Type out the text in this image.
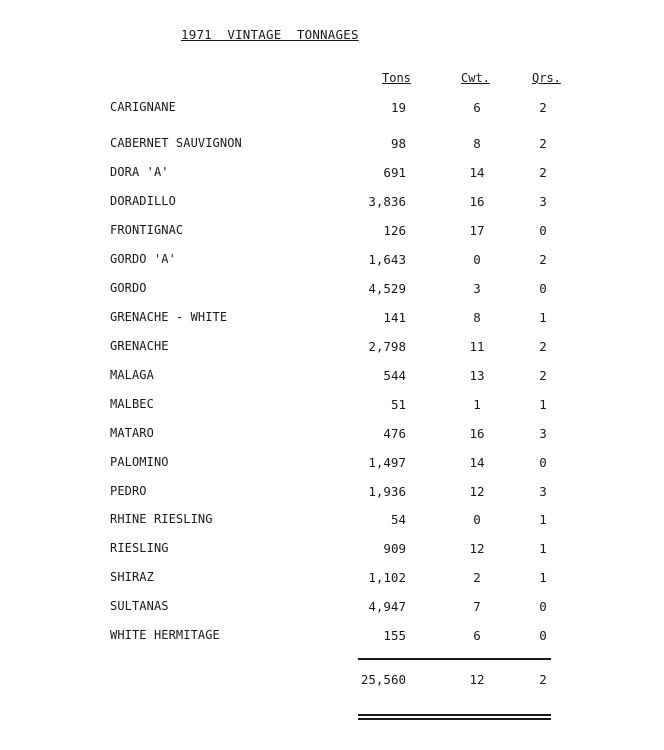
1971  VINTAGE  TONNAGES
Tons	Cwt.	Qrs.
CARIGNANE	19	6	2
CABERNET SAUVIGNON	98	8	2
DORA 'A'	691	14	2
DORADILLO	3,836	16	3
FRONTIGNAC	126	17	0
GORDO 'A'	1,643	0	2
GORDO	4,529	3	0
GRENACHE - WHITE	141	8	1
GRENACHE	2,798	11	2
MALAGA	544	13	2
MALBEC	51	1	1
MATARO	476	16	3
PALOMINO	1,497	14	0
PEDRO	1,936	12	3
RHINE RIESLING	54	0	1
RIESLING	909	12	1
SHIRAZ	1,102	2	1
SULTANAS	4,947	7	0
WHITE HERMITAGE	155	6	0
25,560	12	2
